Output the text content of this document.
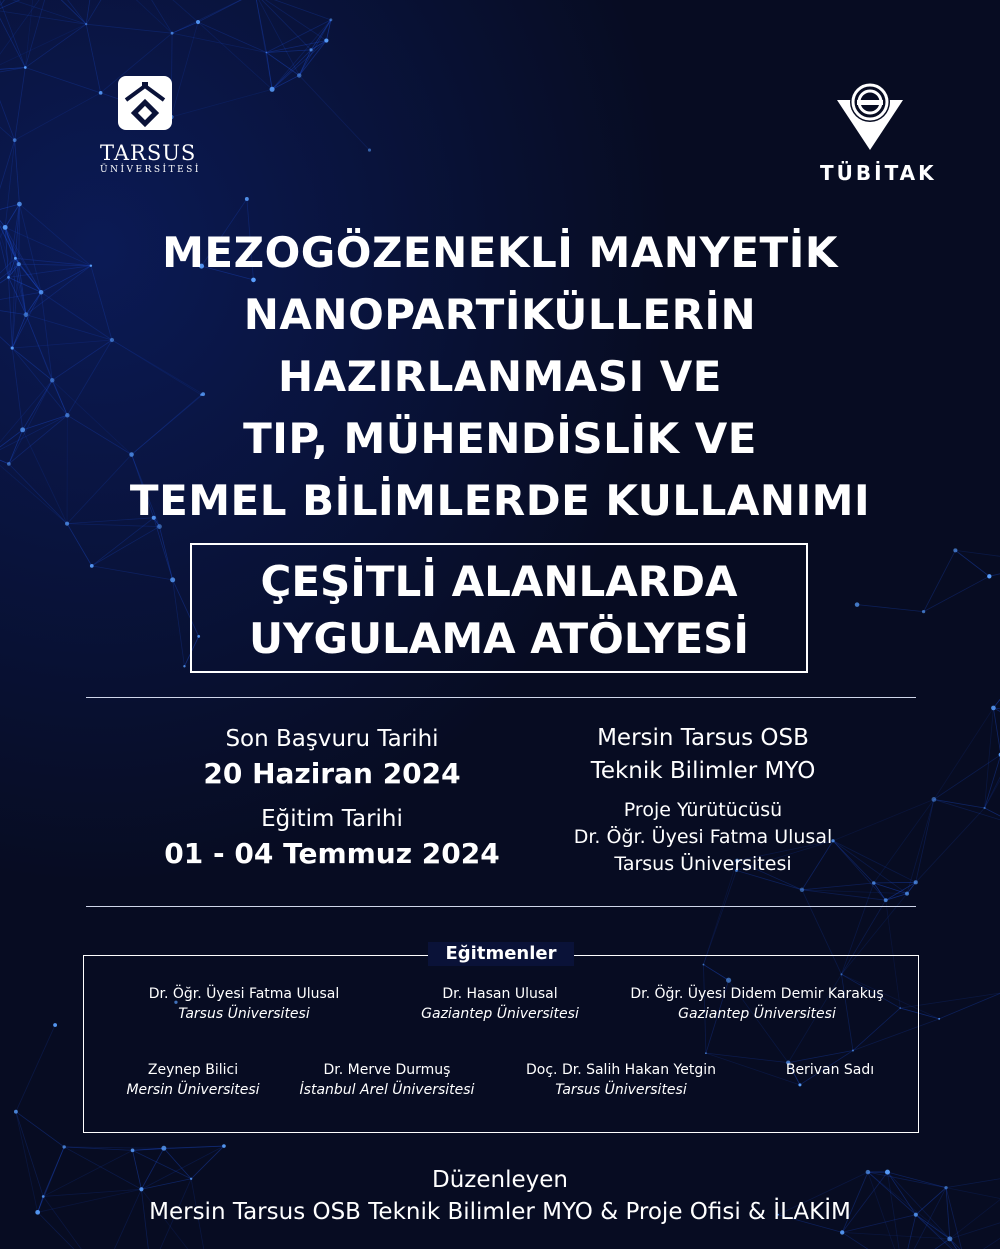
TARSUS
ÜNİVERSİTESİ	TÜBİTAK
MEZOGÖZENEKLİ MANYETİK
NANOPARTİKÜLLERİN
HAZIRLANMASI VE
TIP, MÜHENDİSLİK VE
TEMEL BİLİMLERDE KULLANIMI
ÇEŞİTLİ ALANLARDA
UYGULAMA ATÖLYESİ
Son Başvuru Tarihi
20 Haziran 2024
Eğitim Tarihi
01 - 04 Temmuz 2024
Mersin Tarsus OSB
Teknik Bilimler MYO
Proje Yürütücüsü
Dr. Öğr. Üyesi Fatma Ulusal
Tarsus Üniversitesi
Eğitmenler
Dr. Öğr. Üyesi Fatma Ulusal
Tarsus Üniversitesi
Dr. Hasan Ulusal
Gaziantep Üniversitesi
Dr. Öğr. Üyesi Didem Demir Karakuş
Gaziantep Üniversitesi
Zeynep Bilici
Mersin Üniversitesi
Dr. Merve Durmuş
İstanbul Arel Üniversitesi
Doç. Dr. Salih Hakan Yetgin
Tarsus Üniversitesi
Berivan Sadı
Düzenleyen
Mersin Tarsus OSB Teknik Bilimler MYO & Proje Ofisi & İLAKİM
